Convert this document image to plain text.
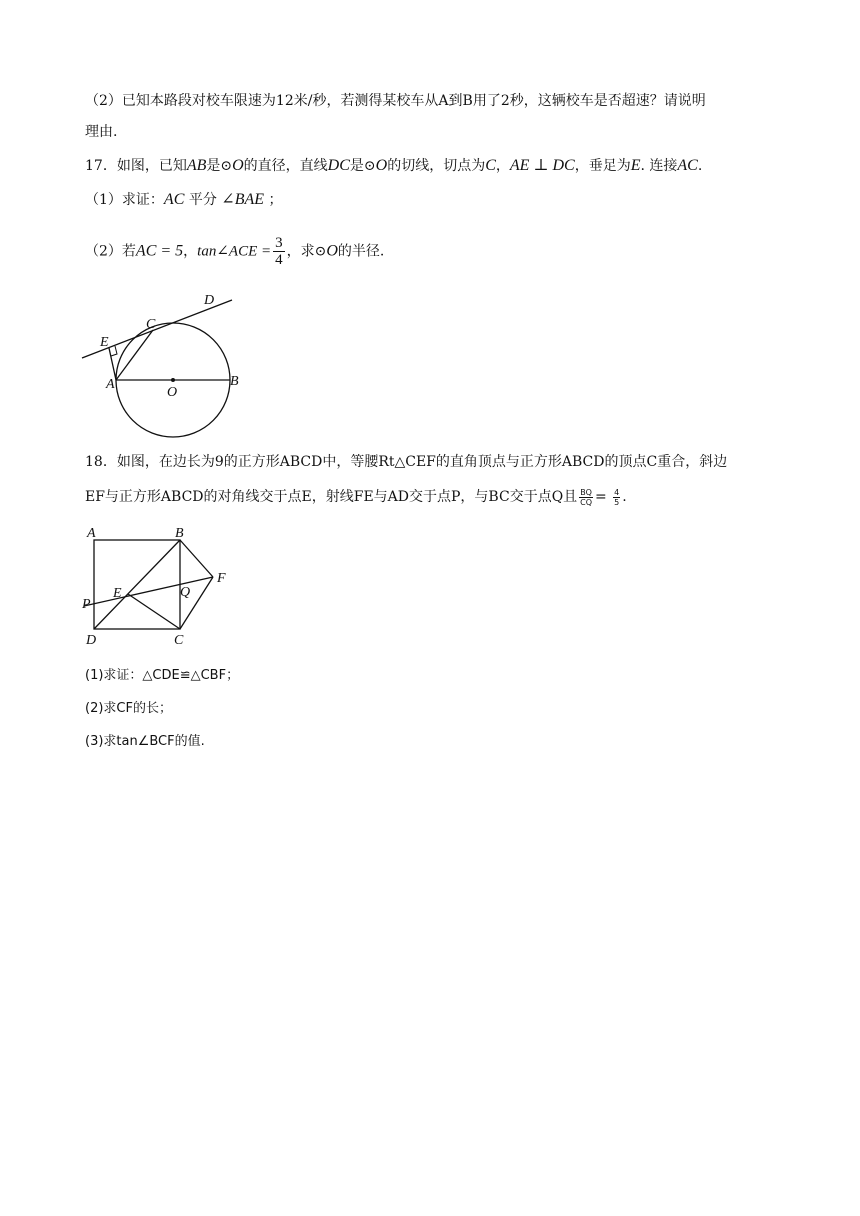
（2）已知本路段对校车限速为12米/秒，若测得某校车从A到B用了2秒，这辆校车是否超速？请说明
理由.
17．如图，已知AB是⊙O的直径，直线DC是⊙O的切线，切点为C，AE ⊥ DC，垂足为E. 连接AC.
（1）求证：AC 平分 ∠BAE ；
（2）若AC = 5，tan∠ACE = $\frac{3}{4}$ ，求⊙O的半径.
D
C
E
A
O
B
18．如图，在边长为9的正方形ABCD中，等腰Rt△CEF的直角顶点与正方形ABCD的顶点C重合，斜边
EF与正方形ABCD的对角线交于点E，射线FE与AD交于点P，与BC交于点Q且 $\frac{BQ}{CQ} = \frac{4}{5}$ .
A	B
F
E	Q
P
D	C
(1)求证：△CDE≌△CBF；
(2)求CF的长；
(3)求tan∠BCF的值.
